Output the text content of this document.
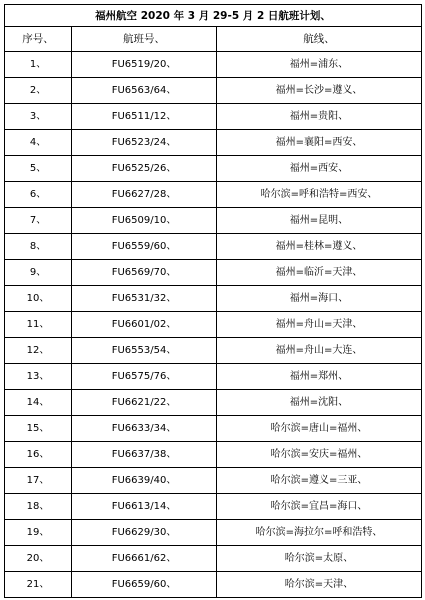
福州航空 2020 年 3 月 29-5 月 2 日航班计划、		
序号、	航班号、	航线、
1、	FU6519/20、	福州=浦东、
2、	FU6563/64、	福州=长沙=遵义、
3、	FU6511/12、	福州=贵阳、
4、	FU6523/24、	福州=襄阳=西安、
5、	FU6525/26、	福州=西安、
6、	FU6627/28、	哈尔滨=呼和浩特=西安、
7、	FU6509/10、	福州=昆明、
8、	FU6559/60、	福州=桂林=遵义、
9、	FU6569/70、	福州=临沂=天津、
10、	FU6531/32、	福州=海口、
11、	FU6601/02、	福州=舟山=天津、
12、	FU6553/54、	福州=舟山=大连、
13、	FU6575/76、	福州=郑州、
14、	FU6621/22、	福州=沈阳、
15、	FU6633/34、	哈尔滨=唐山=福州、
16、	FU6637/38、	哈尔滨=安庆=福州、
17、	FU6639/40、	哈尔滨=遵义=三亚、
18、	FU6613/14、	哈尔滨=宜昌=海口、
19、	FU6629/30、	哈尔滨=海拉尔=呼和浩特、
20、	FU6661/62、	哈尔滨=太原、
21、	FU6659/60、	哈尔滨=天津、
